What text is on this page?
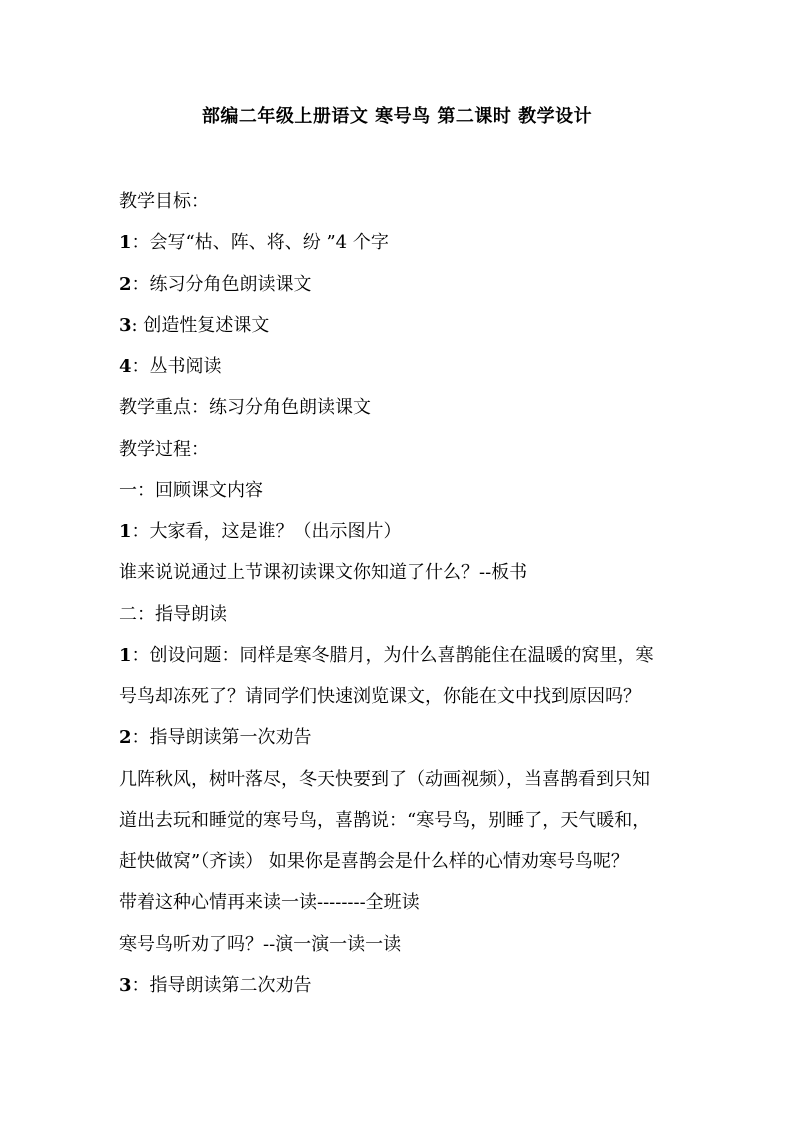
部编二年级上册语文 寒号鸟 第二课时 教学设计
教学目标：
1：会写“枯、阵、将、纷 ”4 个字
2：练习分角色朗读课文
3: 创造性复述课文
4：丛书阅读
教学重点：练习分角色朗读课文
教学过程：
一：回顾课文内容
1：大家看，这是谁？（出示图片）
谁来说说通过上节课初读课文你知道了什么？--板书
二：指导朗读
1：创设问题：同样是寒冬腊月，为什么喜鹊能住在温暖的窝里，寒
号鸟却冻死了？请同学们快速浏览课文，你能在文中找到原因吗？
2：指导朗读第一次劝告
几阵秋风，树叶落尽，冬天快要到了（动画视频），当喜鹊看到只知
道出去玩和睡觉的寒号鸟，喜鹊说：“寒号鸟，别睡了，天气暖和，
赶快做窝”（齐读） 如果你是喜鹊会是什么样的心情劝寒号鸟呢？
带着这种心情再来读一读--------全班读
寒号鸟听劝了吗？--演一演一读一读
3：指导朗读第二次劝告
